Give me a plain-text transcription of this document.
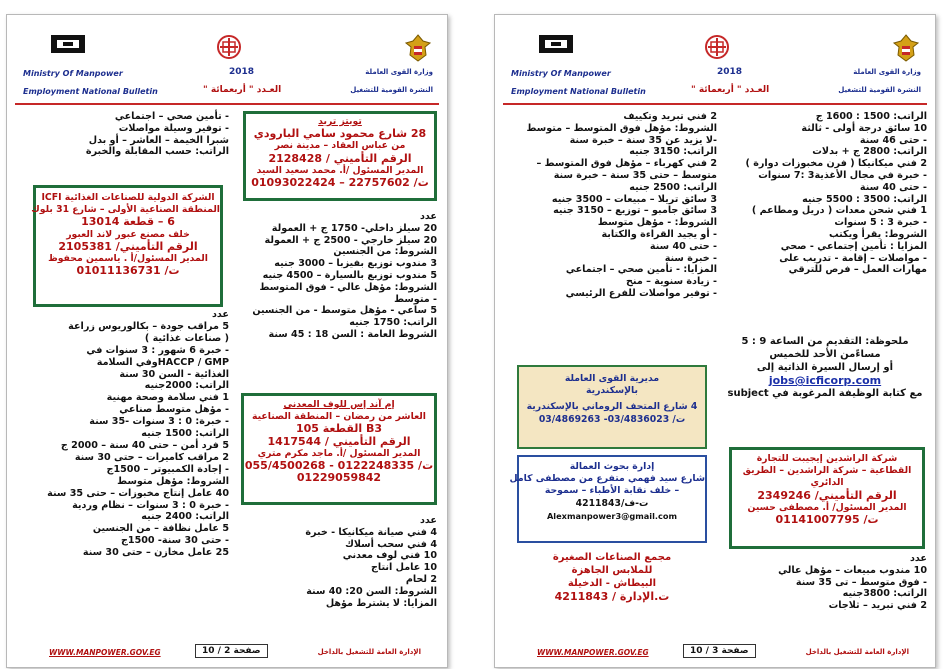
Ministry Of Manpower
Employment National Bulletin
2018
العـدد " أربعمائة "
وزارة القوى العاملة
النشرة القومية للتشغيل

تويتز تريد

28 شارع محمود سامي البارودي

من عباس العقاد – مدينة نصر

الرقم التأميني / 2128428

المدير المسئول /أ. محمد سعيد السيد

ت/ 22757602 – 01093022424

عدد

20 سيلز داخلي- 1750 ج + العمولة

20 سيلز خارجي - 2500 ج + العمولة

الشروط: من الجنسين

3 مندوب توزيع بفيزبا – 3000 جنيه

5 مندوب توزيع بالسيارة – 4500 جنيه

الشروط: مؤهل عالي - فوق المتوسط

- متوسط

5 ساعي - مؤهل متوسط - من الجنسين

الراتب: 1750 جنيه

الشروط العامة : السن 18 : 45 سنة

إم آند إس للوف المعدني

العاشر من رمضان – المنطقة الصناعية

B3 القطعة 105

الرقم التأميني / 1417544

المدير المسئول /أ. ماجد مكرم متري

ت/ 0122248335 - 055/4500268

01229059842

عدد

4 فني صيانة ميكانيكا - خبرة

4 فني سحب أسلاك

10 فني لوف معدني

10 عامل انتاج

2 لحام

الشروط: السن 20: 40 سنة

المزايا: لا يشترط مؤهل

- تأمين صحي – اجتماعي

- توفير وسيلة مواصلات

شبرا الخيمة – العاشر – أو بدل

الراتب: حسب المقابلة والخبرة

الشركة الدولية للصناعات الغذائية ICFI

المنطقة الصناعية الأولى – شارع 31 بلوك

6 – قطعة 13014

خلف مصنع عبور لاند العبور

الرقم التأميني/ 2105381

المدير المسئول/أ . ياسمين محفوظ

ت/ 01011136731

عدد

5 مراقب جودة – بكالوريوس زراعة

( صناعات غذائية )

- خبرة 6 شهور : 3 سنوات في

HACCP / GMPوفي السلامة

الغذائية - السن 30 سنة

الراتب: 2000جنيه

1 فني سلامة وصحة مهنية

- مؤهل متوسط صناعي

- خبرة: 0 : 3 سنوات -35 سنة

الراتب: 1500 جنيه

5 فرد أمن – حتى 40 سنة – 2000 ج

2 مراقب كاميرات – حتى 30 سنة

- إجادة الكمبيوتر – 1500ج

الشروط: مؤهل متوسط

40 عامل إنتاج مخبوزات – حتى 35 سنة

- خبرة 0 : 3 سنوات – نظام وردية

الراتب: 2400 جنيه

5 عامل نظافة – من الجنسين

- حتى 30 سنة- 1500ج

25 عامل مخازن – حتى 30 سنة

WWW.MANPOWER.GOV.EG	صفحة 2 / 10	الإدارة العامة للتشغيل بالداخل
Ministry Of Manpower
Employment National Bulletin
2018
العـدد " أربعمائة "
وزارة القوى العاملة
النشرة القومية للتشغيل

الراتب: 1500 : 1600 ج

10 سائق درجة أولى - ثالثة

- حتى 46 سنة

الراتب: 2800 ج + بدلات

2 فني ميكانيكا ( فرن مخبوزات دوارة )

- خبرة في مجال الأغذية3 :7 سنوات

- حتى 40 سنة

الراتب: 3500 : 5500 جنيه

1 فني شحن معدات ( دريل ومطاعم )

- خبرة 3 : 5 سنوات

الشروط: يقرأ ويكتب

المزايا : تأمين إجتماعي - صحي

- مواصلات – إقامة - تدريب على

مهارات العمل – فرص للترقي

ملحوظة: التقديم من الساعة 9 : 5

مساءًمن الأحد للخميس

أو إرسال السيرة الذاتية إلى

jobs@icficorp.com

مع كتابة الوظيفة المرغوبة في subject

شركة الراشدين إيجيبت للتجارة

القطاعية – شركة الراشدين – الطريق

الدائري

الرقم التأميني/ 2349246

المدير المسئول/ أ. مصطفى حسين

ت/ 01141007795

عدد

10 مندوب مبيعات – مؤهل عالي

- فوق متوسط – تى 35 سنة

الراتب: 3800جنيه

2 فني تبريد – ثلاجات

2 فني تبريد وتكييف

الشروط: مؤهل فوق المتوسط – متوسط

-لا يزيد عن 35 سنة – خبرة سنة

الراتب: 3150 جنيه

2 فني كهرباء – مؤهل فوق المتوسط –

متوسط – حتى 35 سنة – خبرة سنة

الراتب: 2500 جنيه

3 سائق تريلا – مبيعات – 3500 جنيه

3 سائق جامبو – توزيع – 3150 جنيه

الشروط: - مؤهل متوسط

- أو يجيد القراءة والكتابة

- حتى 40 سنة

- خبرة سنة

المزايا: - تأمين صحي – اجتماعي

- زيادة سنوية – منح

- توفير مواصلات للفرع الرئيسي

مديرية القوى العاملة

بالإسكندرية

4 شارع المتحف الروماني بالإسكندرية

ت/ 03/4836023- 03/4869263

إدارة بحوث العمالة

شارع سيد فهمي متفرع من مصطفى كامل

– خلف نقابة الأطباء – سموحة

ت-ف/4211843

Alexmanpower3@gmail.com

مجمع الصناعات الصغيرة

للملابس الجاهزة

البيطاش - الدخيلة

ت.الإدارة / 4211843

WWW.MANPOWER.GOV.EG	صفحة 3 / 10	الإدارة العامة للتشغيل بالداخل
